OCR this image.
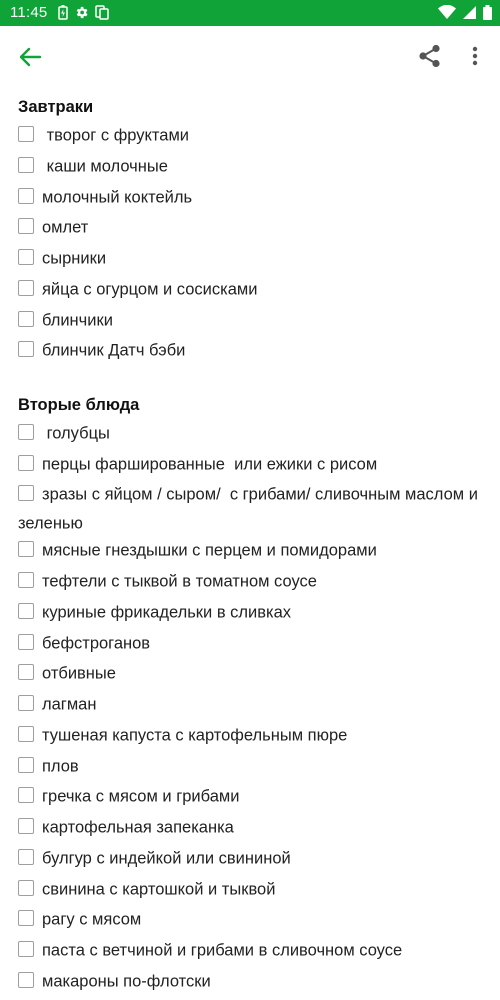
11:45
Завтраки
творог с фруктами
каши молочные
молочный коктейль
омлет
сырники
яйца с огурцом и сосисками
блинчики
блинчик Датч бэби
Вторые блюда
голубцы
перцы фаршированные  или ежики с рисом
зразы с яйцом / сыром/  с грибами/ сливочным маслом и зеленью
мясные гнездышки с перцем и помидорами
тефтели с тыквой в томатном соусе
куриные фрикадельки в сливках
бефстроганов
отбивные
лагман
тушеная капуста с картофельным пюре
плов
гречка с мясом и грибами
картофельная запеканка
булгур с индейкой или свининой
свинина с картошкой и тыквой
рагу с мясом
паста с ветчиной и грибами в сливочном соусе
макароны по-флотски
